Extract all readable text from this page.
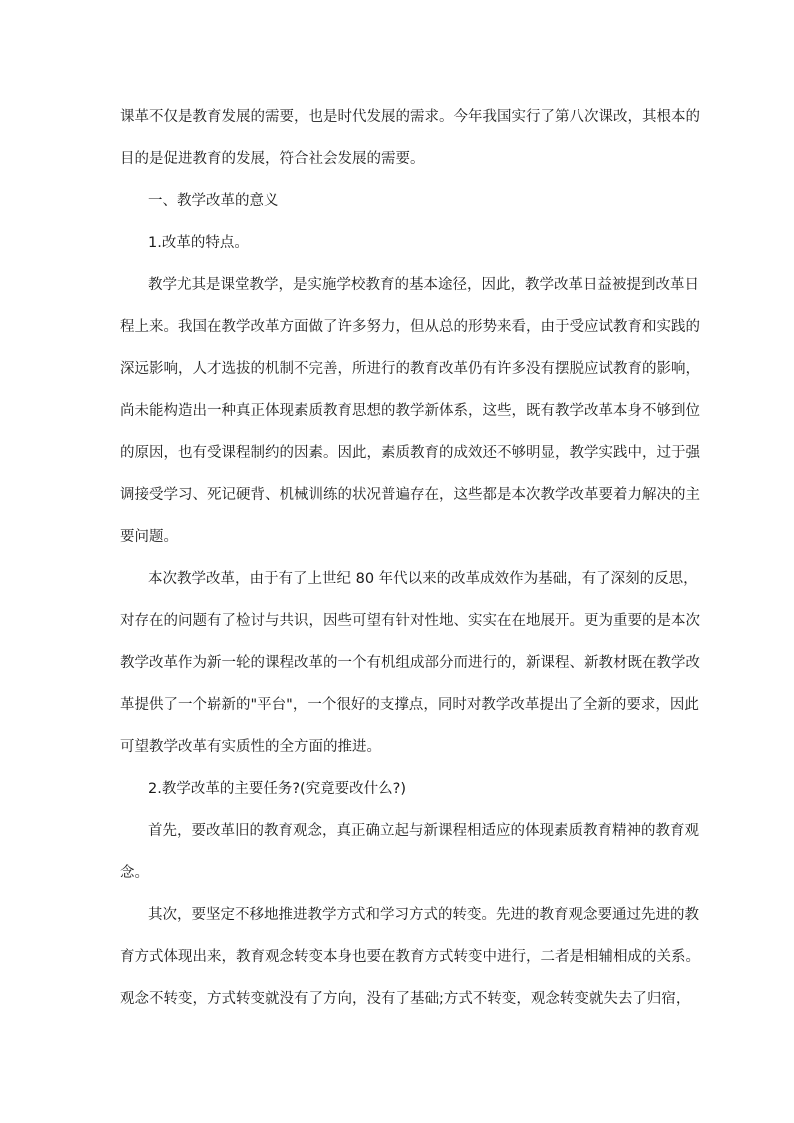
课革不仅是教育发展的需要，也是时代发展的需求。今年我国实行了第八次课改，其根本的

目的是促进教育的发展，符合社会发展的需要。

一、教学改革的意义

1.改革的特点。

教学尤其是课堂教学，是实施学校教育的基本途径，因此，教学改革日益被提到改革日

程上来。我国在教学改革方面做了许多努力，但从总的形势来看，由于受应试教育和实践的

深远影响，人才选拔的机制不完善，所进行的教育改革仍有许多没有摆脱应试教育的影响，

尚未能构造出一种真正体现素质教育思想的教学新体系，这些，既有教学改革本身不够到位

的原因，也有受课程制约的因素。因此，素质教育的成效还不够明显，教学实践中，过于强

调接受学习、死记硬背、机械训练的状况普遍存在，这些都是本次教学改革要着力解决的主

要问题。

本次教学改革，由于有了上世纪 80 年代以来的改革成效作为基础，有了深刻的反思，

对存在的问题有了检讨与共识，因些可望有针对性地、实实在在地展开。更为重要的是本次

教学改革作为新一轮的课程改革的一个有机组成部分而进行的，新课程、新教材既在教学改

革提供了一个崭新的"平台"，一个很好的支撑点，同时对教学改革提出了全新的要求，因此

可望教学改革有实质性的全方面的推进。

2.教学改革的主要任务?(究竟要改什么?)

首先，要改革旧的教育观念，真正确立起与新课程相适应的体现素质教育精神的教育观

念。

其次，要坚定不移地推进教学方式和学习方式的转变。先进的教育观念要通过先进的教

育方式体现出来，教育观念转变本身也要在教育方式转变中进行，二者是相辅相成的关系。

观念不转变，方式转变就没有了方向，没有了基础;方式不转变，观念转变就失去了归宿，
